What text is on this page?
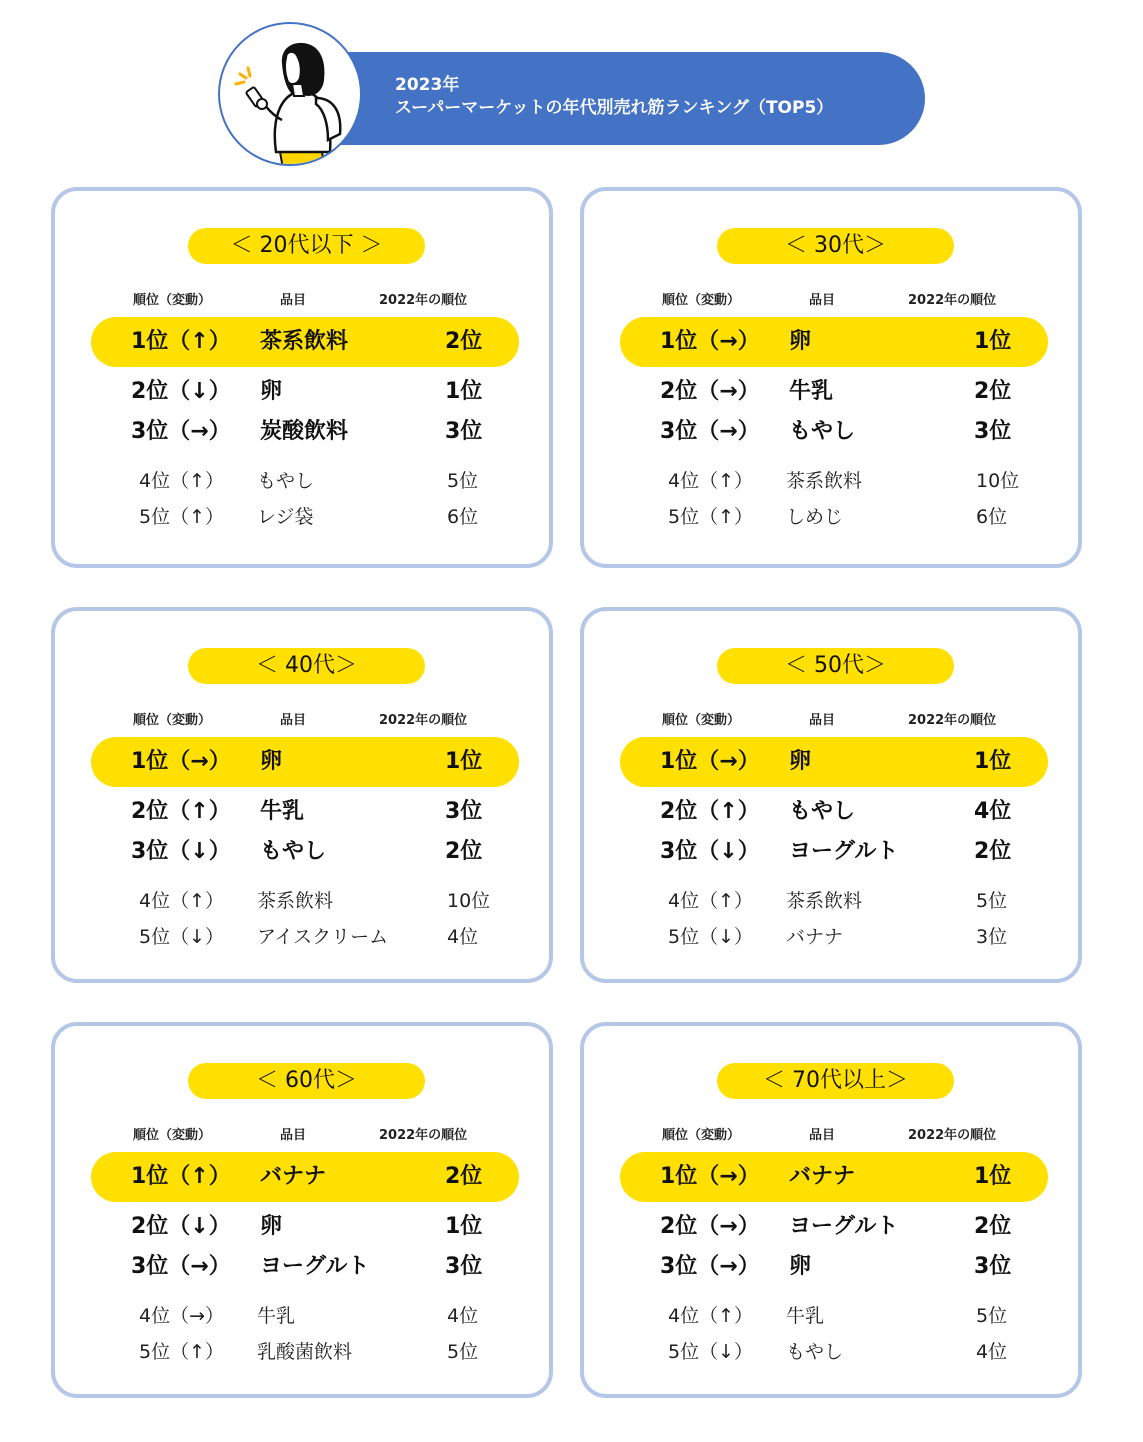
2023年
スーパーマーケットの年代別売れ筋ランキング（TOP5）
＜ 20代以下 ＞
順位（変動）	品目	2022年の順位
1位（↑） 茶系飲料	2位
2位（↓） 卵	1位
3位（→） 炭酸飲料	3位
4位（↑） もやし	5位
5位（↑） レジ袋	6位
＜ 30代＞
順位（変動）	品目	2022年の順位
1位（→） 卵	1位
2位（→） 牛乳	2位
3位（→） もやし	3位
4位（↑） 茶系飲料	10位
5位（↑） しめじ	6位
＜ 40代＞
順位（変動）	品目	2022年の順位
1位（→） 卵	1位
2位（↑） 牛乳	3位
3位（↓） もやし	2位
4位（↑） 茶系飲料	10位
5位（↓） アイスクリーム	4位
＜ 50代＞
順位（変動）	品目	2022年の順位
1位（→） 卵	1位
2位（↑） もやし	4位
3位（↓） ヨーグルト	2位
4位（↑） 茶系飲料	5位
5位（↓） バナナ	3位
＜ 60代＞
順位（変動）	品目	2022年の順位
1位（↑） バナナ	2位
2位（↓） 卵	1位
3位（→） ヨーグルト	3位
4位（→） 牛乳	4位
5位（↑） 乳酸菌飲料	5位
＜ 70代以上＞
順位（変動）	品目	2022年の順位
1位（→） バナナ	1位
2位（→） ヨーグルト	2位
3位（→） 卵	3位
4位（↑） 牛乳	5位
5位（↓） もやし	4位
